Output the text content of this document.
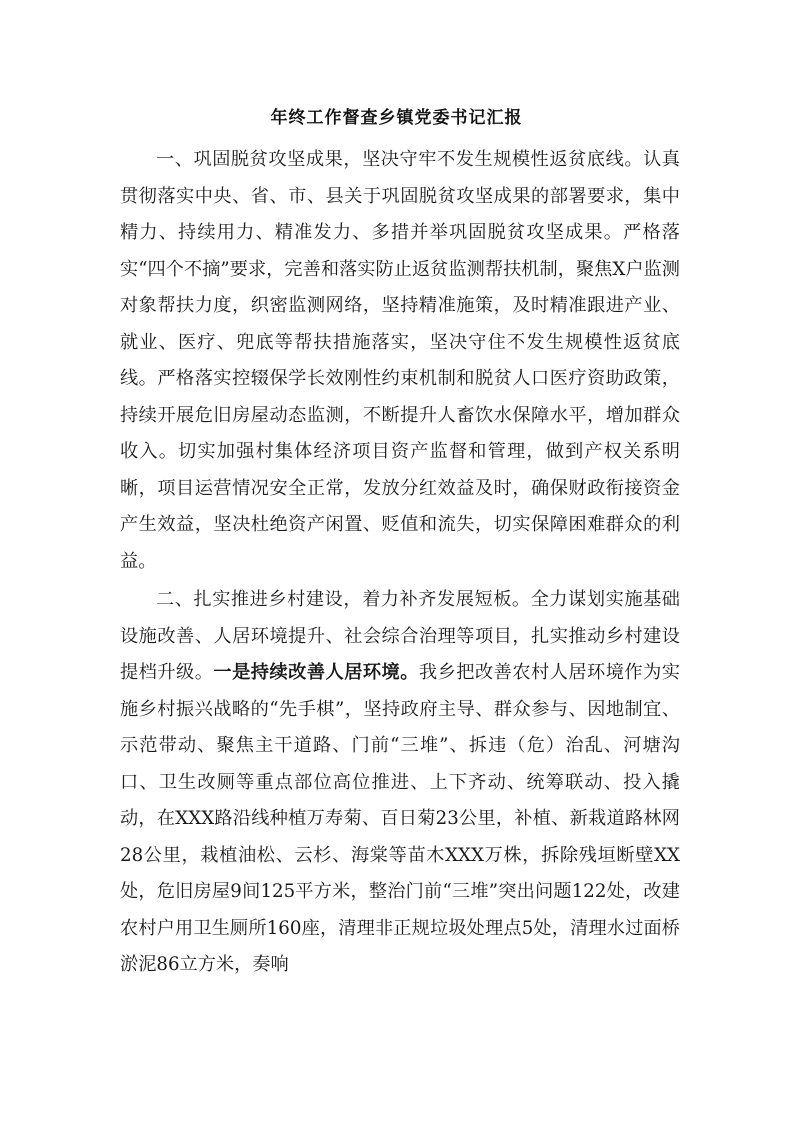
年终工作督查乡镇党委书记汇报

一、巩固脱贫攻坚成果，坚决守牢不发生规模性返贫底线。认真贯彻落实中央、省、市、县关于巩固脱贫攻坚成果的部署要求，集中精力、持续用力、精准发力、多措并举巩固脱贫攻坚成果。严格落实“四个不摘”要求，完善和落实防止返贫监测帮扶机制，聚焦X户监测对象帮扶力度，织密监测网络，坚持精准施策，及时精准跟进产业、就业、医疗、兜底等帮扶措施落实，坚决守住不发生规模性返贫底线。严格落实控辍保学长效刚性约束机制和脱贫人口医疗资助政策，持续开展危旧房屋动态监测，不断提升人畜饮水保障水平，增加群众收入。切实加强村集体经济项目资产监督和管理，做到产权关系明晰，项目运营情况安全正常，发放分红效益及时，确保财政衔接资金产生效益，坚决杜绝资产闲置、贬值和流失，切实保障困难群众的利益。

二、扎实推进乡村建设，着力补齐发展短板。全力谋划实施基础设施改善、人居环境提升、社会综合治理等项目，扎实推动乡村建设提档升级。一是持续改善人居环境。我乡把改善农村人居环境作为实施乡村振兴战略的“先手棋”，坚持政府主导、群众参与、因地制宜、示范带动、聚焦主干道路、门前“三堆”、拆违（危）治乱、河塘沟口、卫生改厕等重点部位高位推进、上下齐动、统筹联动、投入撬动，在XXX路沿线种植万寿菊、百日菊23公里，补植、新栽道路林网28公里，栽植油松、云杉、海棠等苗木XXX万株，拆除残垣断壁XX处，危旧房屋9间125平方米，整治门前“三堆”突出问题122处，改建农村户用卫生厕所160座，清理非正规垃圾处理点5处，清理水过面桥淤泥86立方米，奏响
